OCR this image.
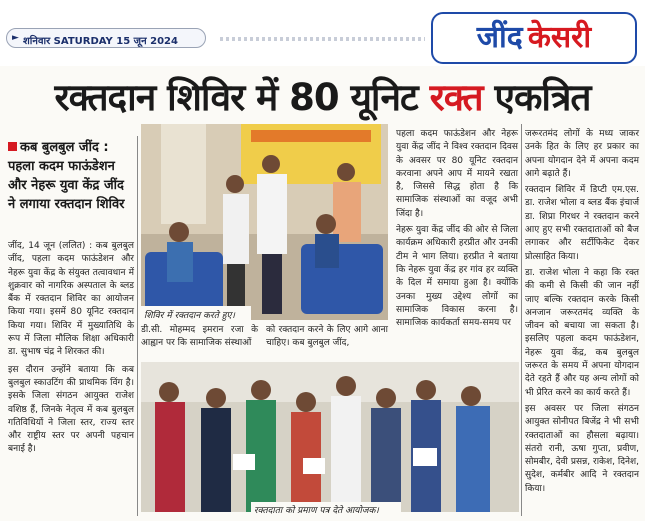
► शनिवार SATURDAY 15 जून 2024	जींद केसरी
रक्तदान शिविर में 80 यूनिट रक्त एकत्रित
कब बुलबुल जींद : पहला कदम फाऊंडेशन और नेहरू युवा केंद्र जींद ने लगाया रक्तदान शिविर

जींद, 14 जून (ललित) : कब बुलबुल जींद, पहला कदम फाऊंडेशन और नेहरू युवा केंद्र के संयुक्त तत्वावधान में शुक्रवार को नागरिक अस्पताल के ब्लड बैंक में रक्तदान शिविर का आयोजन किया गया। इसमें 80 यूनिट रक्तदान किया गया। शिविर में मुख्यातिथि के रूप में जिला मौलिक शिक्षा अधिकारी डा. सुभाष चंद्र ने शिरकत की।

इस दौरान उन्होंने बताया कि कब बुलबुल स्काउटिंग की प्राथमिक विंग है। इसके जिला संगठन आयुक्त राजेश वशिष्ठ हैं, जिनके नेतृत्व में कब बुलबुल गतिविधियों ने जिला स्तर, राज्य स्तर और राष्ट्रीय स्तर पर अपनी पहचान बनाई है।

शिविर में रक्तदान करते हुए।

डी.सी. मोहम्मद इमरान रजा के आह्वान पर कि सामाजिक संस्थाओं

को रक्तदान करने के लिए आगे आना चाहिए। कब बुलबुल जींद,

पहला कदम फाऊंडेशन और नेहरू युवा केंद्र जींद ने विश्व रक्तदान दिवस के अवसर पर 80 यूनिट रक्तदान करवाना अपने आप में मायने रखता है, जिससे सिद्ध होता है कि सामाजिक संस्थाओं का वजूद अभी जिंदा है।

नेहरू युवा केंद्र जींद की ओर से जिला कार्यक्रम अधिकारी हरप्रीत और उनकी टीम ने भाग लिया। हरप्रीत ने बताया कि नेहरू युवा केंद्र हर गांव हर व्यक्ति के दिल में समाया हुआ है। क्योंकि उनका मुख्य उद्देश्य लोगों का सामाजिक विकास करना है। सामाजिक कार्यकर्ता समय-समय पर

जरूरतमंद लोगों के मध्य जाकर उनके हित के लिए हर प्रकार का अपना योगदान देने में अपना कदम आगे बढ़ाते हैं।

रक्तदान शिविर में डिप्टी एम.एस. डा. राजेश भोला व ब्लड बैंक इंचार्ज डा. शिप्रा गिरधर ने रक्तदान करने आए हुए सभी रक्तदाताओं को बैज लगाकर और सर्टीफिकेट देकर प्रोत्साहित किया।

डा. राजेश भोला ने कहा कि रक्त की कमी से किसी की जान नहीं जाए बल्कि रक्तदान करके किसी अनजान जरूरतमंद व्यक्ति के जीवन को बचाया जा सकता है। इसलिए पहला कदम फाऊंडेशन, नेहरू युवा केंद्र, कब बुलबुल जरूरत के समय में अपना योगदान देते रहते हैं और यह अन्य लोगों को भी प्रेरित करने का कार्य करते हैं।

इस अवसर पर जिला संगठन आयुक्त सोनीपत बिजेंद्र ने भी सभी रक्तदाताओं का हौसला बढ़ाया। संतरो रानी, ऊषा गुप्ता, प्रवीण, सोमबीर, देवी प्रसन्न, राकेश, दिनेश, सुदेश, कर्मबीर आदि ने रक्तदान किया।

रक्तदाता को प्रमाण पत्र देते आयोजक।
